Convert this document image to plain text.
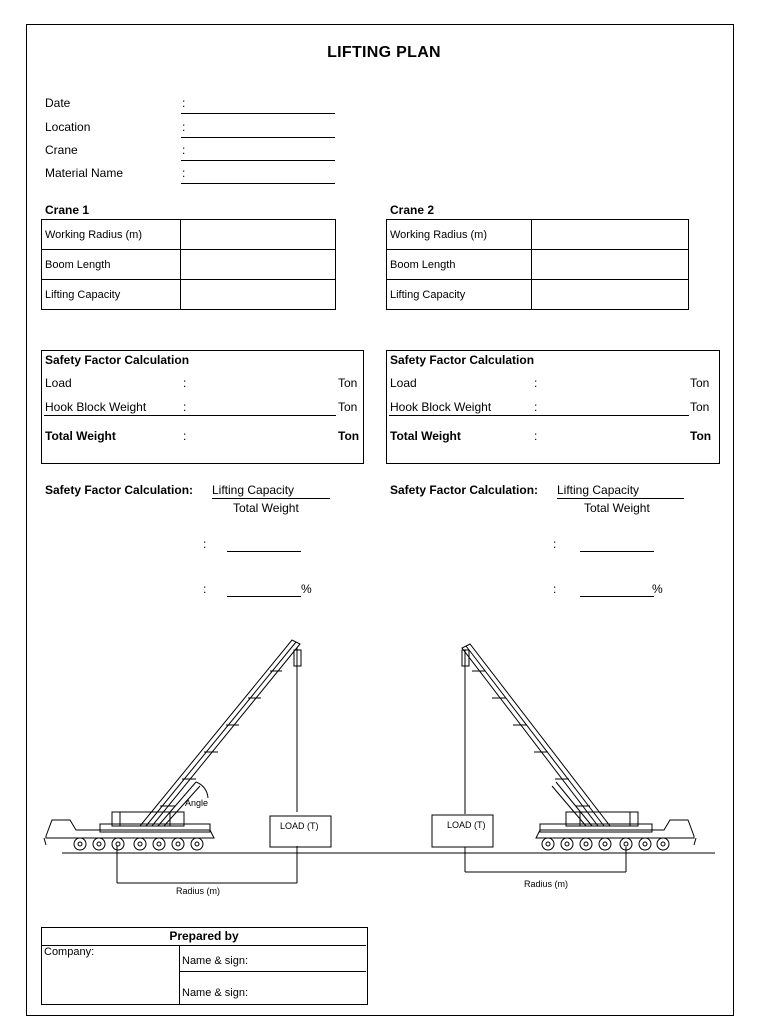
LIFTING PLAN
Date	:
Location	:
Crane	:
Material Name	:
Crane 1
Working Radius (m)	
Boom Length	
Lifting Capacity	
Crane 2
Working Radius (m)	
Boom Length	
Lifting Capacity	
Safety Factor Calculation
Load	:	Ton
Hook Block Weight	:	Ton
Total Weight	:	Ton
Safety Factor Calculation
Load	:	Ton
Hook Block Weight	:	Ton
Total Weight	:	Ton
Safety Factor Calculation: Lifting Capacity
Total Weight
:
:	%
Safety Factor Calculation: Lifting Capacity
Total Weight
:
:	%
Angle
LOAD (T)
Radius (m)
LOAD (T)
Radius (m)
Prepared by
Company:
Name & sign:
Name & sign:
